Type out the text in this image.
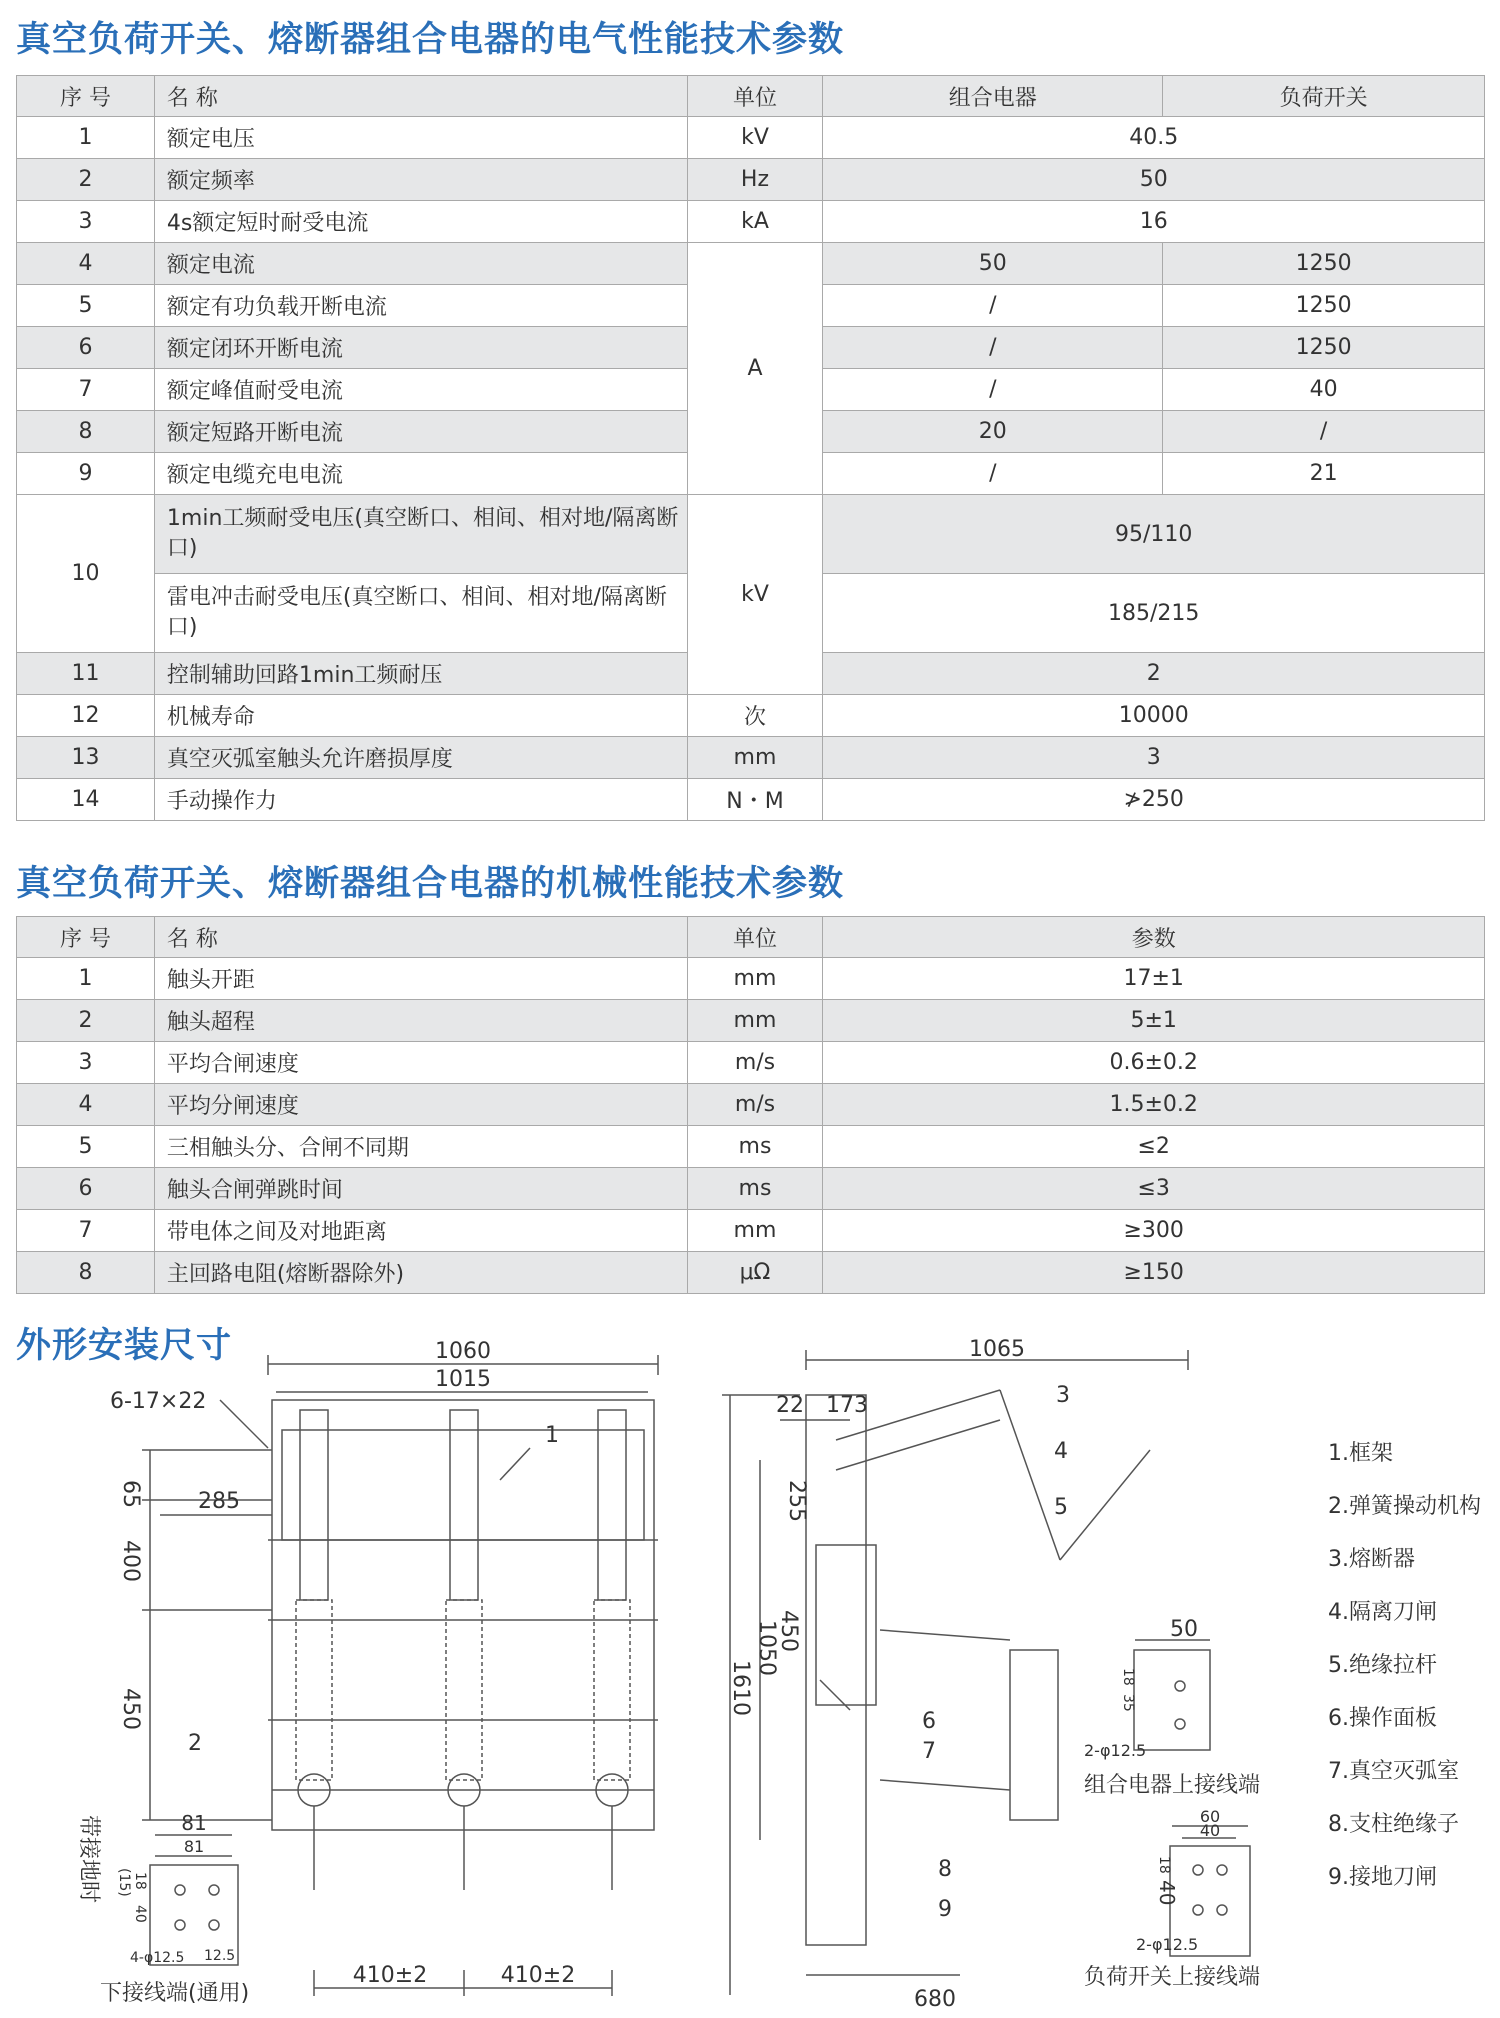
真空负荷开关、熔断器组合电器的电气性能技术参数
序 号	名 称	单位	组合电器	负荷开关
1	额定电压	kV	40.5	
2	额定频率	Hz	50	
3	4s额定短时耐受电流	kA	16	
4	额定电流	A	50	1250
5	额定有功负载开断电流		/	1250
6	额定闭环开断电流		/	1250
7	额定峰值耐受电流		/	40
8	额定短路开断电流		20	/
9	额定电缆充电电流		/	21
10	1min工频耐受电压(真空断口、相间、相对地/隔离断口)	kV	95/110	
	雷电冲击耐受电压(真空断口、相间、相对地/隔离断口)		185/215	
11	控制辅助回路1min工频耐压		2	
12	机械寿命	次	10000	
13	真空灭弧室触头允许磨损厚度	mm	3	
14	手动操作力	N・M	≯250	
真空负荷开关、熔断器组合电器的机械性能技术参数
序 号	名 称	单位	参数
1	触头开距	mm	17±1
2	触头超程	mm	5±1
3	平均合闸速度	m/s	0.6±0.2
4	平均分闸速度	m/s	1.5±0.2
5	三相触头分、合闸不同期	ms	≤2
6	触头合闸弹跳时间	ms	≤3
7	带电体之间及对地距离	mm	≥300
8	主回路电阻(熔断器除外)	μΩ	≥150
外形安装尺寸	1060
1015
6-17×22
65	285
400
450
1
2
410±2	410±2
81
81
(15) 18
40
12.5
4-φ12.5
带接地时
下接线端(通用)
1065
22 173
255
450
1050
1610
680
3
4
5
6
7
8
9
50
18
35
2-φ12.5
组合电器上接线端
60
40
18
40
2-φ12.5
负荷开关上接线端
1.框架
2.弹簧操动机构
3.熔断器
4.隔离刀闸
5.绝缘拉杆
6.操作面板
7.真空灭弧室
8.支柱绝缘子
9.接地刀闸
